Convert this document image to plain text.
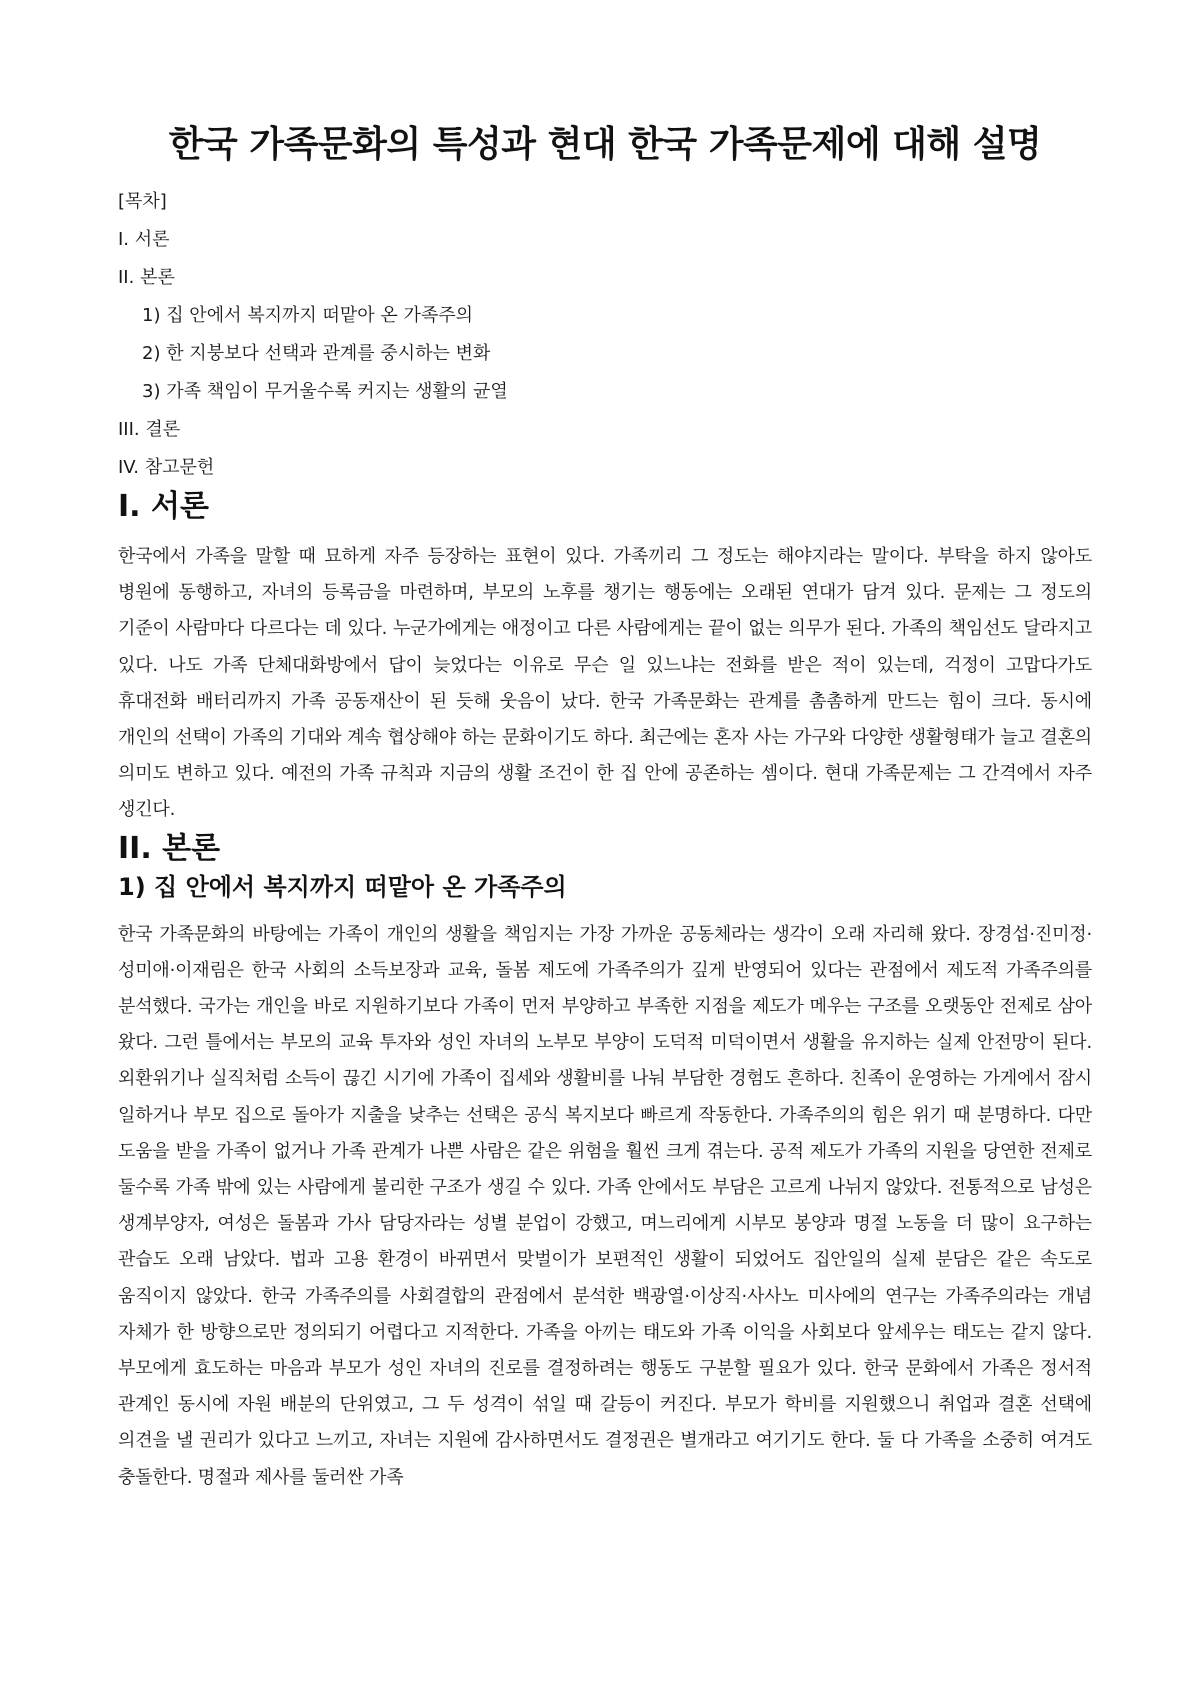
한국 가족문화의 특성과 현대 한국 가족문제에 대해 설명
[목차]
I. 서론
II. 본론
1) 집 안에서 복지까지 떠맡아 온 가족주의
2) 한 지붕보다 선택과 관계를 중시하는 변화
3) 가족 책임이 무거울수록 커지는 생활의 균열
III. 결론
IV. 참고문헌
I. 서론

한국에서 가족을 말할 때 묘하게 자주 등장하는 표현이 있다. 가족끼리 그 정도는 해야지라는 말이다. 부탁을 하지 않아도 병원에 동행하고, 자녀의 등록금을 마련하며, 부모의 노후를 챙기는 행동에는 오래된 연대가 담겨 있다. 문제는 그 정도의 기준이 사람마다 다르다는 데 있다. 누군가에게는 애정이고 다른 사람에게는 끝이 없는 의무가 된다. 가족의 책임선도 달라지고 있다. 나도 가족 단체대화방에서 답이 늦었다는 이유로 무슨 일 있느냐는 전화를 받은 적이 있는데, 걱정이 고맙다가도 휴대전화 배터리까지 가족 공동재산이 된 듯해 웃음이 났다. 한국 가족문화는 관계를 촘촘하게 만드는 힘이 크다. 동시에 개인의 선택이 가족의 기대와 계속 협상해야 하는 문화이기도 하다. 최근에는 혼자 사는 가구와 다양한 생활형태가 늘고 결혼의 의미도 변하고 있다. 예전의 가족 규칙과 지금의 생활 조건이 한 집 안에 공존하는 셈이다. 현대 가족문제는 그 간격에서 자주 생긴다.

II. 본론
1) 집 안에서 복지까지 떠맡아 온 가족주의

한국 가족문화의 바탕에는 가족이 개인의 생활을 책임지는 가장 가까운 공동체라는 생각이 오래 자리해 왔다. 장경섭·진미정·성미애·이재림은 한국 사회의 소득보장과 교육, 돌봄 제도에 가족주의가 깊게 반영되어 있다는 관점에서 제도적 가족주의를 분석했다. 국가는 개인을 바로 지원하기보다 가족이 먼저 부양하고 부족한 지점을 제도가 메우는 구조를 오랫동안 전제로 삼아 왔다. 그런 틀에서는 부모의 교육 투자와 성인 자녀의 노부모 부양이 도덕적 미덕이면서 생활을 유지하는 실제 안전망이 된다. 외환위기나 실직처럼 소득이 끊긴 시기에 가족이 집세와 생활비를 나눠 부담한 경험도 흔하다. 친족이 운영하는 가게에서 잠시 일하거나 부모 집으로 돌아가 지출을 낮추는 선택은 공식 복지보다 빠르게 작동한다. 가족주의의 힘은 위기 때 분명하다. 다만 도움을 받을 가족이 없거나 가족 관계가 나쁜 사람은 같은 위험을 훨씬 크게 겪는다. 공적 제도가 가족의 지원을 당연한 전제로 둘수록 가족 밖에 있는 사람에게 불리한 구조가 생길 수 있다. 가족 안에서도 부담은 고르게 나뉘지 않았다. 전통적으로 남성은 생계부양자, 여성은 돌봄과 가사 담당자라는 성별 분업이 강했고, 며느리에게 시부모 봉양과 명절 노동을 더 많이 요구하는 관습도 오래 남았다. 법과 고용 환경이 바뀌면서 맞벌이가 보편적인 생활이 되었어도 집안일의 실제 분담은 같은 속도로 움직이지 않았다. 한국 가족주의를 사회결합의 관점에서 분석한 백광열·이상직·사사노 미사에의 연구는 가족주의라는 개념 자체가 한 방향으로만 정의되기 어렵다고 지적한다. 가족을 아끼는 태도와 가족 이익을 사회보다 앞세우는 태도는 같지 않다. 부모에게 효도하는 마음과 부모가 성인 자녀의 진로를 결정하려는 행동도 구분할 필요가 있다. 한국 문화에서 가족은 정서적 관계인 동시에 자원 배분의 단위였고, 그 두 성격이 섞일 때 갈등이 커진다. 부모가 학비를 지원했으니 취업과 결혼 선택에 의견을 낼 권리가 있다고 느끼고, 자녀는 지원에 감사하면서도 결정권은 별개라고 여기기도 한다. 둘 다 가족을 소중히 여겨도 충돌한다. 명절과 제사를 둘러싼 가족
